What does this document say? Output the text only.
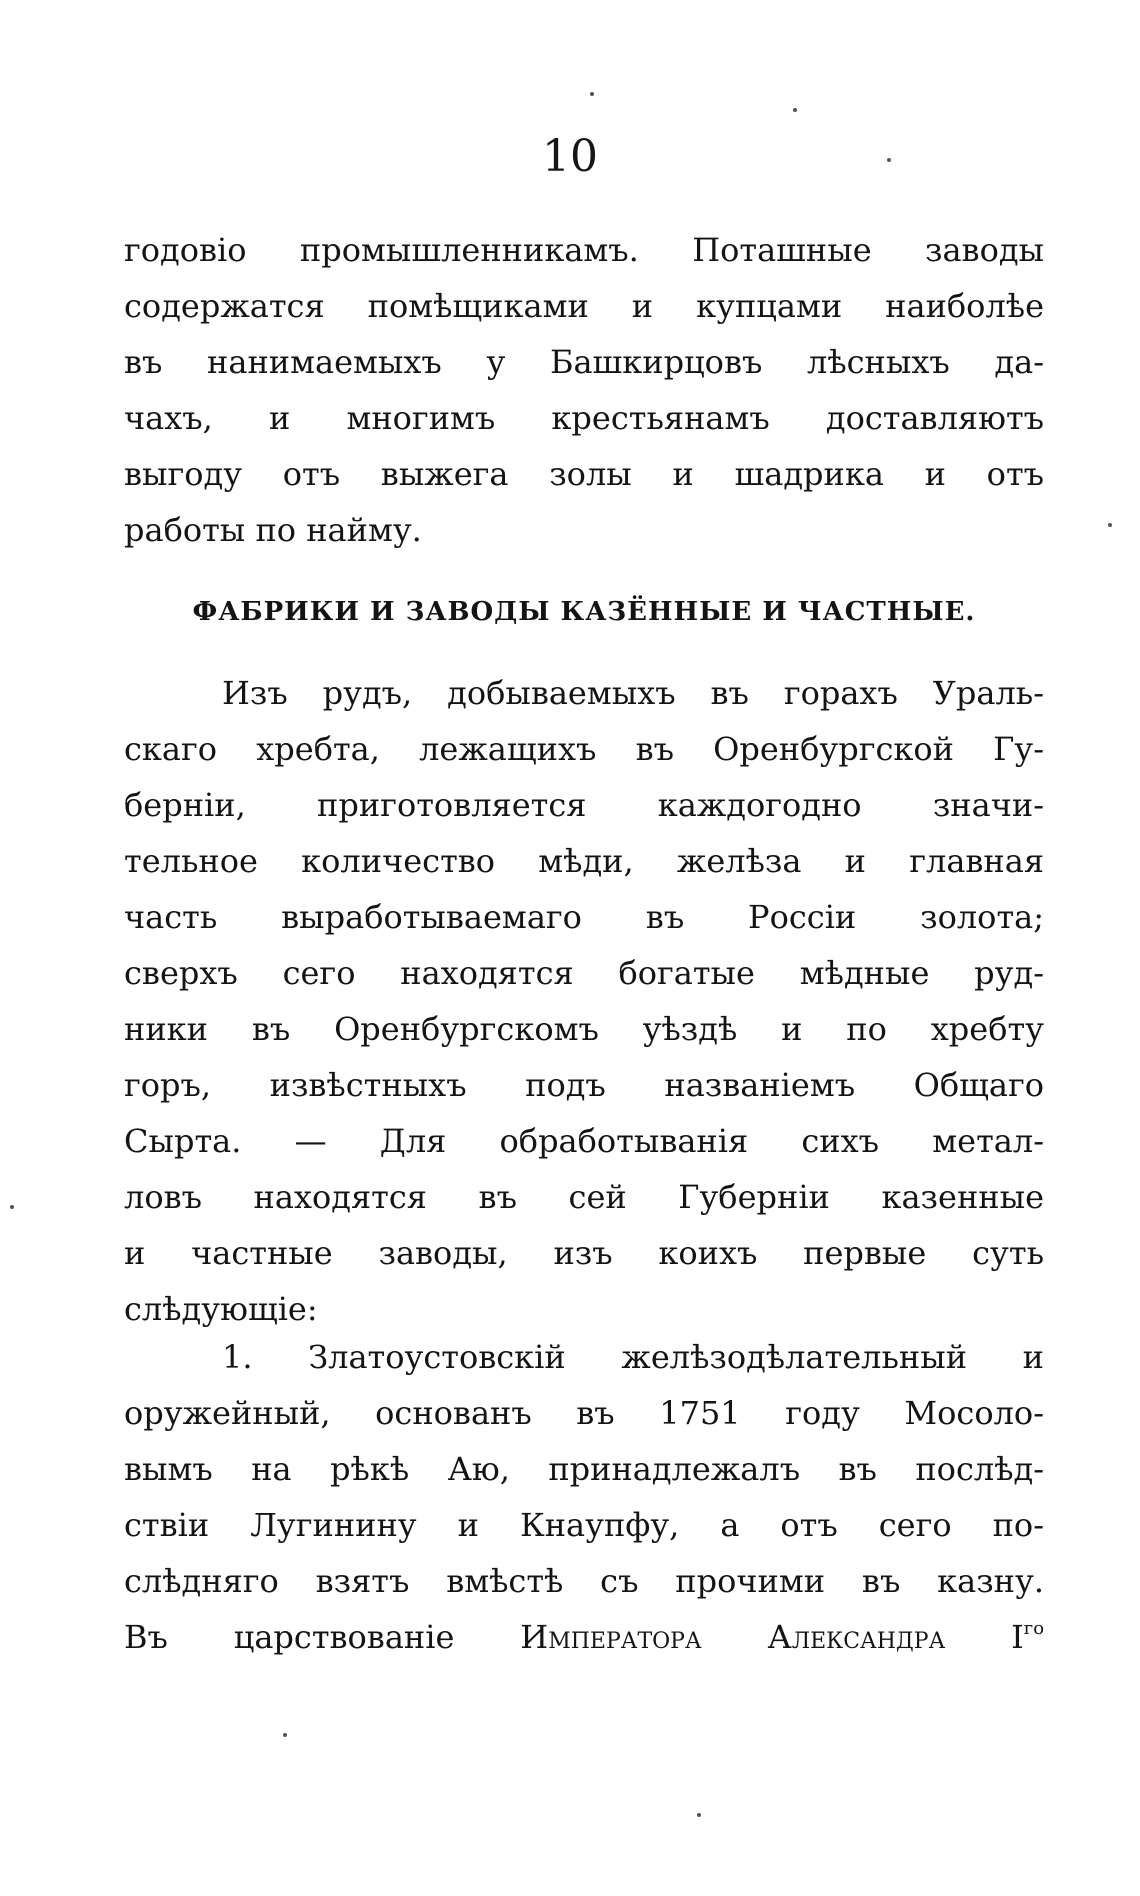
10
годовіо промышленникамъ. Поташные заводы
содержатся помѣщиками и купцами наиболѣе
въ нанимаемыхъ у Башкирцовъ лѣсныхъ да-
чахъ, и многимъ крестьянамъ доставляютъ
выгоду отъ выжега золы и шадрика и отъ
работы по найму.
ФАБРИКИ И ЗАВОДЫ КАЗЁННЫЕ И ЧАСТНЫЕ.
Изъ рудъ, добываемыхъ въ горахъ Ураль-
скаго хребта, лежащихъ въ Оренбургской Гу-
берніи, приготовляется каждогодно значи-
тельное количество мѣди, желѣза и главная
часть выработываемаго въ Россіи золота;
сверхъ сего находятся богатые мѣдные руд-
ники въ Оренбургскомъ уѣздѣ и по хребту
горъ, извѣстныхъ подъ названіемъ Общаго
Сырта. — Для обработыванія сихъ метал-
ловъ находятся въ сей Губерніи казенные
и частные заводы, изъ коихъ первые суть
слѣдующіе:
1. Златоустовскій желѣзодѣлательный и
оружейный, основанъ въ 1751 году Мосоло-
вымъ на рѣкѣ Аю, принадлежалъ въ послѣд-
ствіи Лугинину и Кнаупфу, а отъ сего по-
слѣдняго взятъ вмѣстѣ съ прочими въ казну.
Въ царствованіе Императора Александра $I^{го}$
